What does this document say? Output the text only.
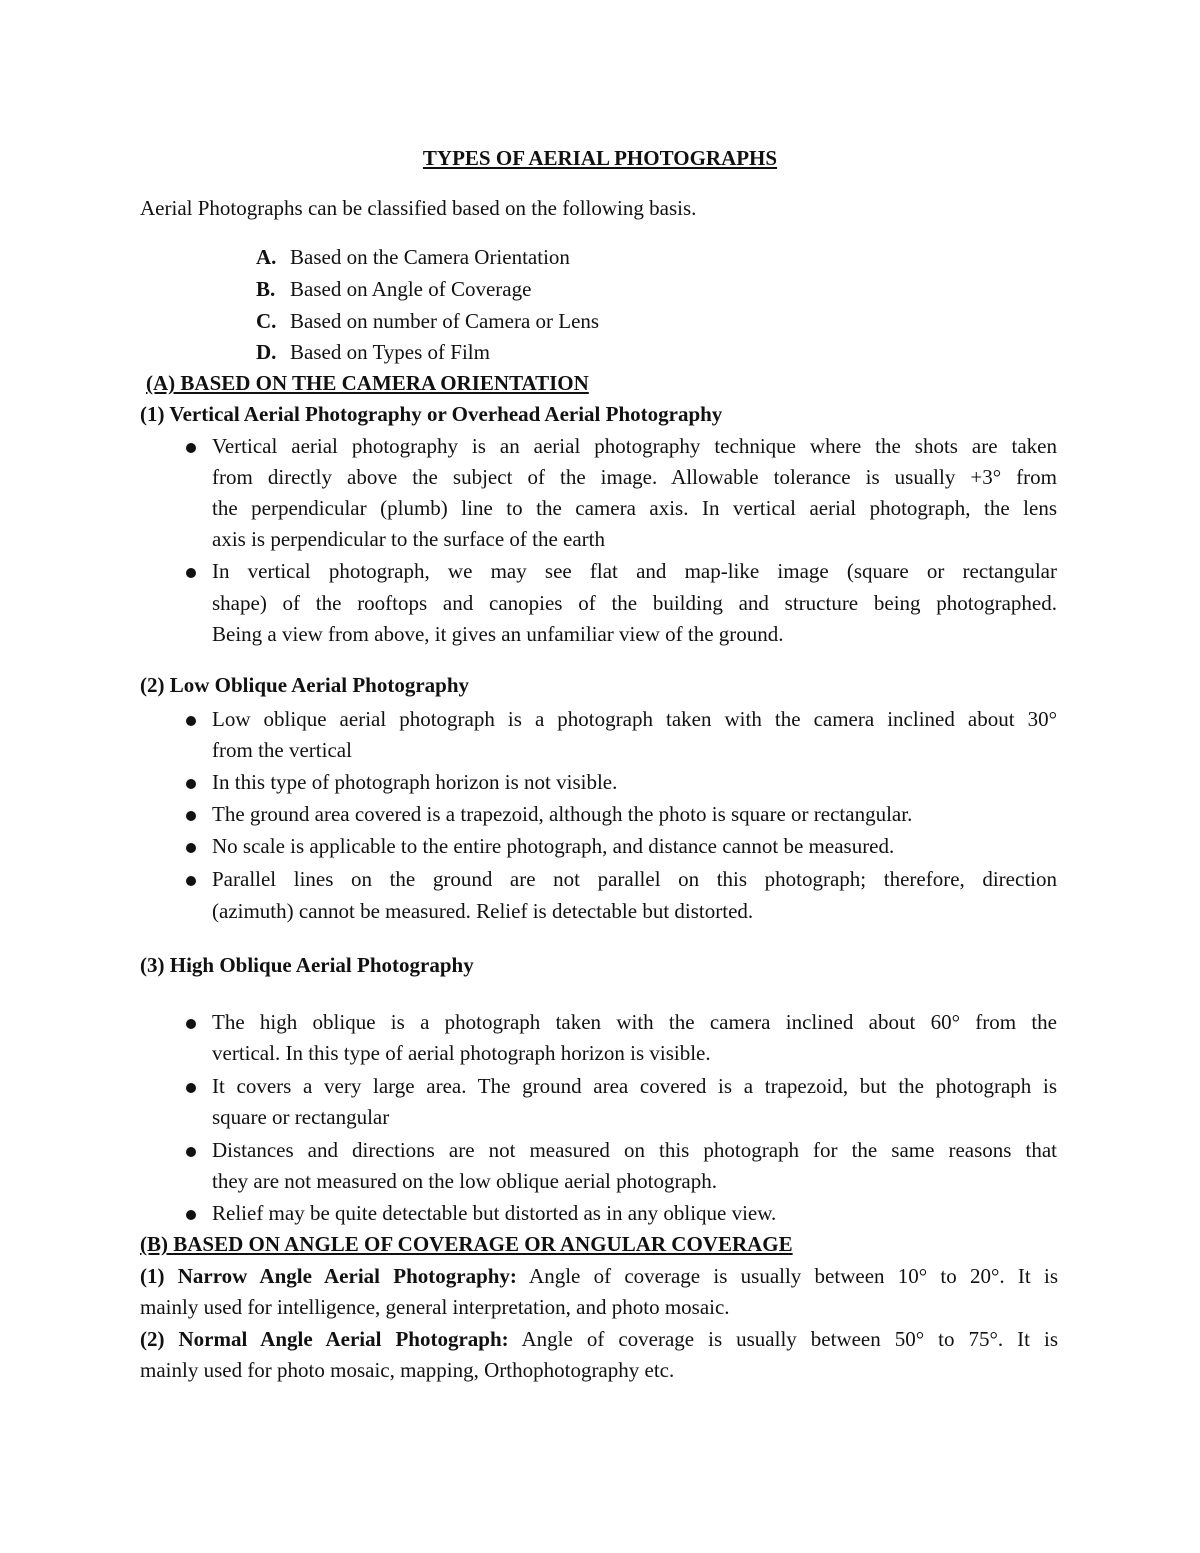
TYPES OF AERIAL PHOTOGRAPHS
Aerial Photographs can be classified based on the following basis.
A. Based on the Camera Orientation
B. Based on Angle of Coverage
C. Based on number of Camera or Lens
D. Based on Types of Film
(A) BASED ON THE CAMERA ORIENTATION
(1) Vertical Aerial Photography or Overhead Aerial Photography
Vertical aerial photography is an aerial photography technique where the shots are taken
from directly above the subject of the image. Allowable tolerance is usually +3° from
the perpendicular (plumb) line to the camera axis. In vertical aerial photograph, the lens
axis is perpendicular to the surface of the earth
In vertical photograph, we may see flat and map-like image (square or rectangular
shape) of the rooftops and canopies of the building and structure being photographed.
Being a view from above, it gives an unfamiliar view of the ground.
(2) Low Oblique Aerial Photography
Low oblique aerial photograph is a photograph taken with the camera inclined about 30°
from the vertical
In this type of photograph horizon is not visible.
The ground area covered is a trapezoid, although the photo is square or rectangular.
No scale is applicable to the entire photograph, and distance cannot be measured.
Parallel lines on the ground are not parallel on this photograph; therefore, direction
(azimuth) cannot be measured. Relief is detectable but distorted.
(3) High Oblique Aerial Photography
The high oblique is a photograph taken with the camera inclined about 60° from the
vertical. In this type of aerial photograph horizon is visible.
It covers a very large area. The ground area covered is a trapezoid, but the photograph is
square or rectangular
Distances and directions are not measured on this photograph for the same reasons that
they are not measured on the low oblique aerial photograph.
Relief may be quite detectable but distorted as in any oblique view.
(B) BASED ON ANGLE OF COVERAGE OR ANGULAR COVERAGE
(1) Narrow Angle Aerial Photography: Angle of coverage is usually between 10° to 20°. It is
mainly used for intelligence, general interpretation, and photo mosaic.
(2) Normal Angle Aerial Photograph: Angle of coverage is usually between 50° to 75°. It is
mainly used for photo mosaic, mapping, Orthophotography etc.
